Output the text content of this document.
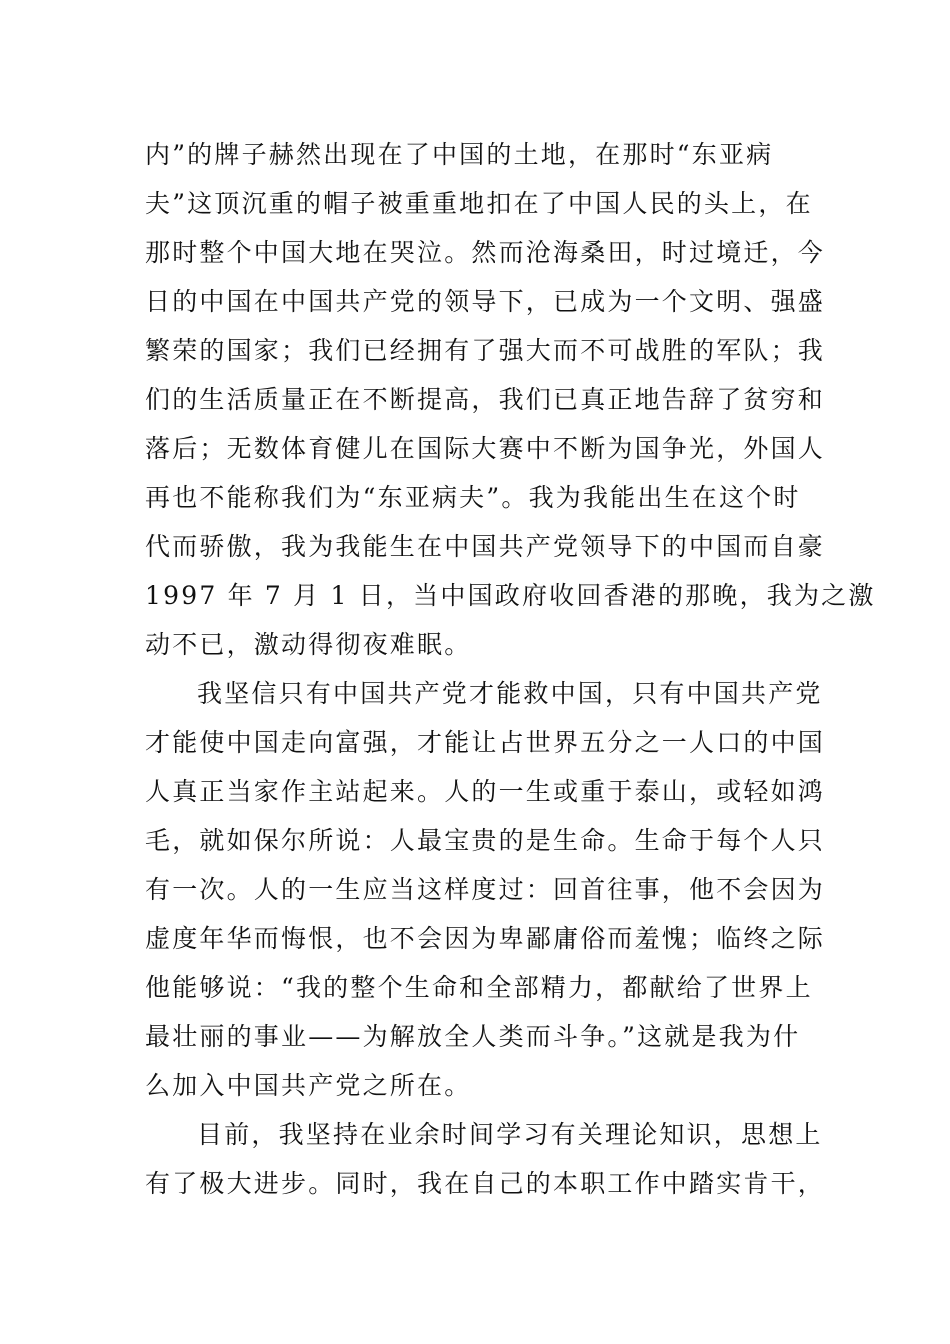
内”的牌子赫然出现在了中国的土地，在那时“东亚病
夫”这顶沉重的帽子被重重地扣在了中国人民的头上，在
那时整个中国大地在哭泣。然而沧海桑田，时过境迁，今
日的中国在中国共产党的领导下，已成为一个文明、强盛
繁荣的国家；我们已经拥有了强大而不可战胜的军队；我
们的生活质量正在不断提高，我们已真正地告辞了贫穷和
落后；无数体育健儿在国际大赛中不断为国争光，外国人
再也不能称我们为“东亚病夫”。我为我能出生在这个时
代而骄傲，我为我能生在中国共产党领导下的中国而自豪
1997 年 7 月 1 日，当中国政府收回香港的那晚，我为之激
动不已，激动得彻夜难眠。
我坚信只有中国共产党才能救中国，只有中国共产党
才能使中国走向富强，才能让占世界五分之一人口的中国
人真正当家作主站起来。人的一生或重于泰山，或轻如鸿
毛，就如保尔所说：人最宝贵的是生命。生命于每个人只
有一次。人的一生应当这样度过：回首往事，他不会因为
虚度年华而悔恨，也不会因为卑鄙庸俗而羞愧；临终之际
他能够说：“我的整个生命和全部精力，都献给了世界上
最壮丽的事业——为解放全人类而斗争。”这就是我为什
么加入中国共产党之所在。
目前，我坚持在业余时间学习有关理论知识，思想上
有了极大进步。同时，我在自己的本职工作中踏实肯干，
